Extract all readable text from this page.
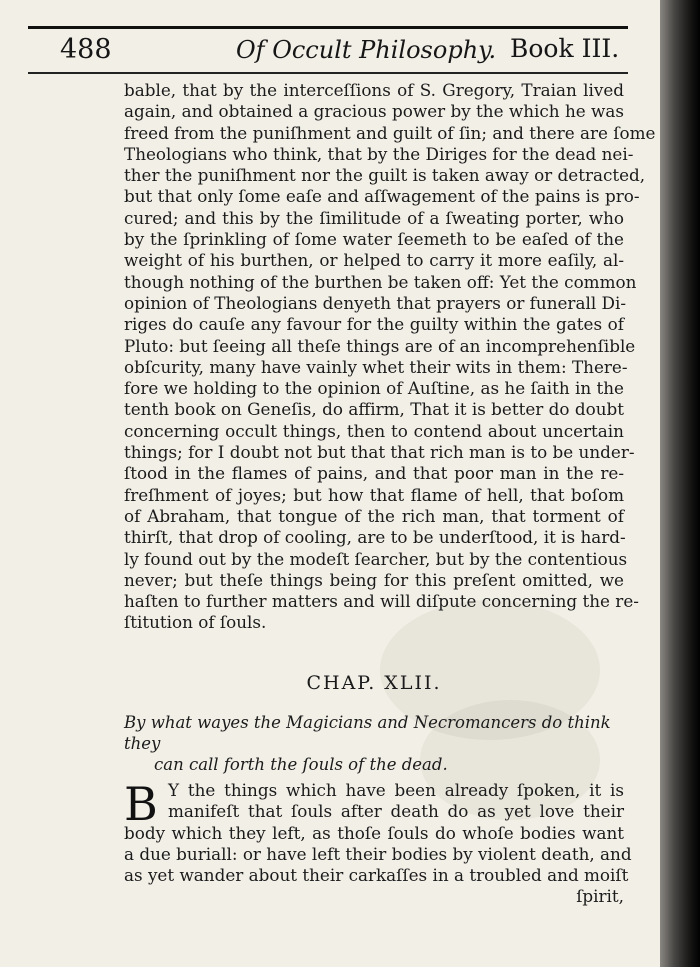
488	Of Occult Philosophy. Book III.
bable, that by the interceſſions of S. Gregory, Traian lived
again, and obtained a gracious power by the which he was
freed from the puniſhment and guilt of ſin; and there are ſome
Theologians who think, that by the Diriges for the dead nei-
ther the puniſhment nor the guilt is taken away or detracted,
but that only ſome eaſe and aſſwagement of the pains is pro-
cured; and this by the ſimilitude of a ſweating porter, who
by the ſprinkling of ſome water ſeemeth to be eaſed of the
weight of his burthen, or helped to carry it more eaſily, al-
though nothing of the burthen be taken off: Yet the common
opinion of Theologians denyeth that prayers or funerall Di-
riges do cauſe any favour for the guilty within the gates of
Pluto: but ſeeing all theſe things are of an incomprehenſible
obſcurity, many have vainly whet their wits in them: There-
fore we holding to the opinion of Auſtine, as he ſaith in the
tenth book on Geneſis, do affirm, That it is better do doubt
concerning occult things, then to contend about uncertain
things; for I doubt not but that that rich man is to be under-
ſtood in the flames of pains, and that poor man in the re-
freſhment of joyes; but how that flame of hell, that boſom
of Abraham, that tongue of the rich man, that torment of
thirſt, that drop of cooling, are to be underſtood, it is hard-
ly found out by the modeſt ſearcher, but by the contentious
never; but theſe things being for this preſent omitted, we
haſten to further matters and will diſpute concerning the re-
ſtitution of ſouls.
CHAP. XLII.
By what wayes the Magicians and Necromancers do think they
can call forth the ſouls of the dead.
B Y the things which have been already ſpoken, it is
manifeſt that ſouls after death do as yet love their
body which they left, as thoſe ſouls do whoſe bodies want
a due buriall: or have left their bodies by violent death, and
as yet wander about their carkaſſes in a troubled and moiſt
ſpirit,
